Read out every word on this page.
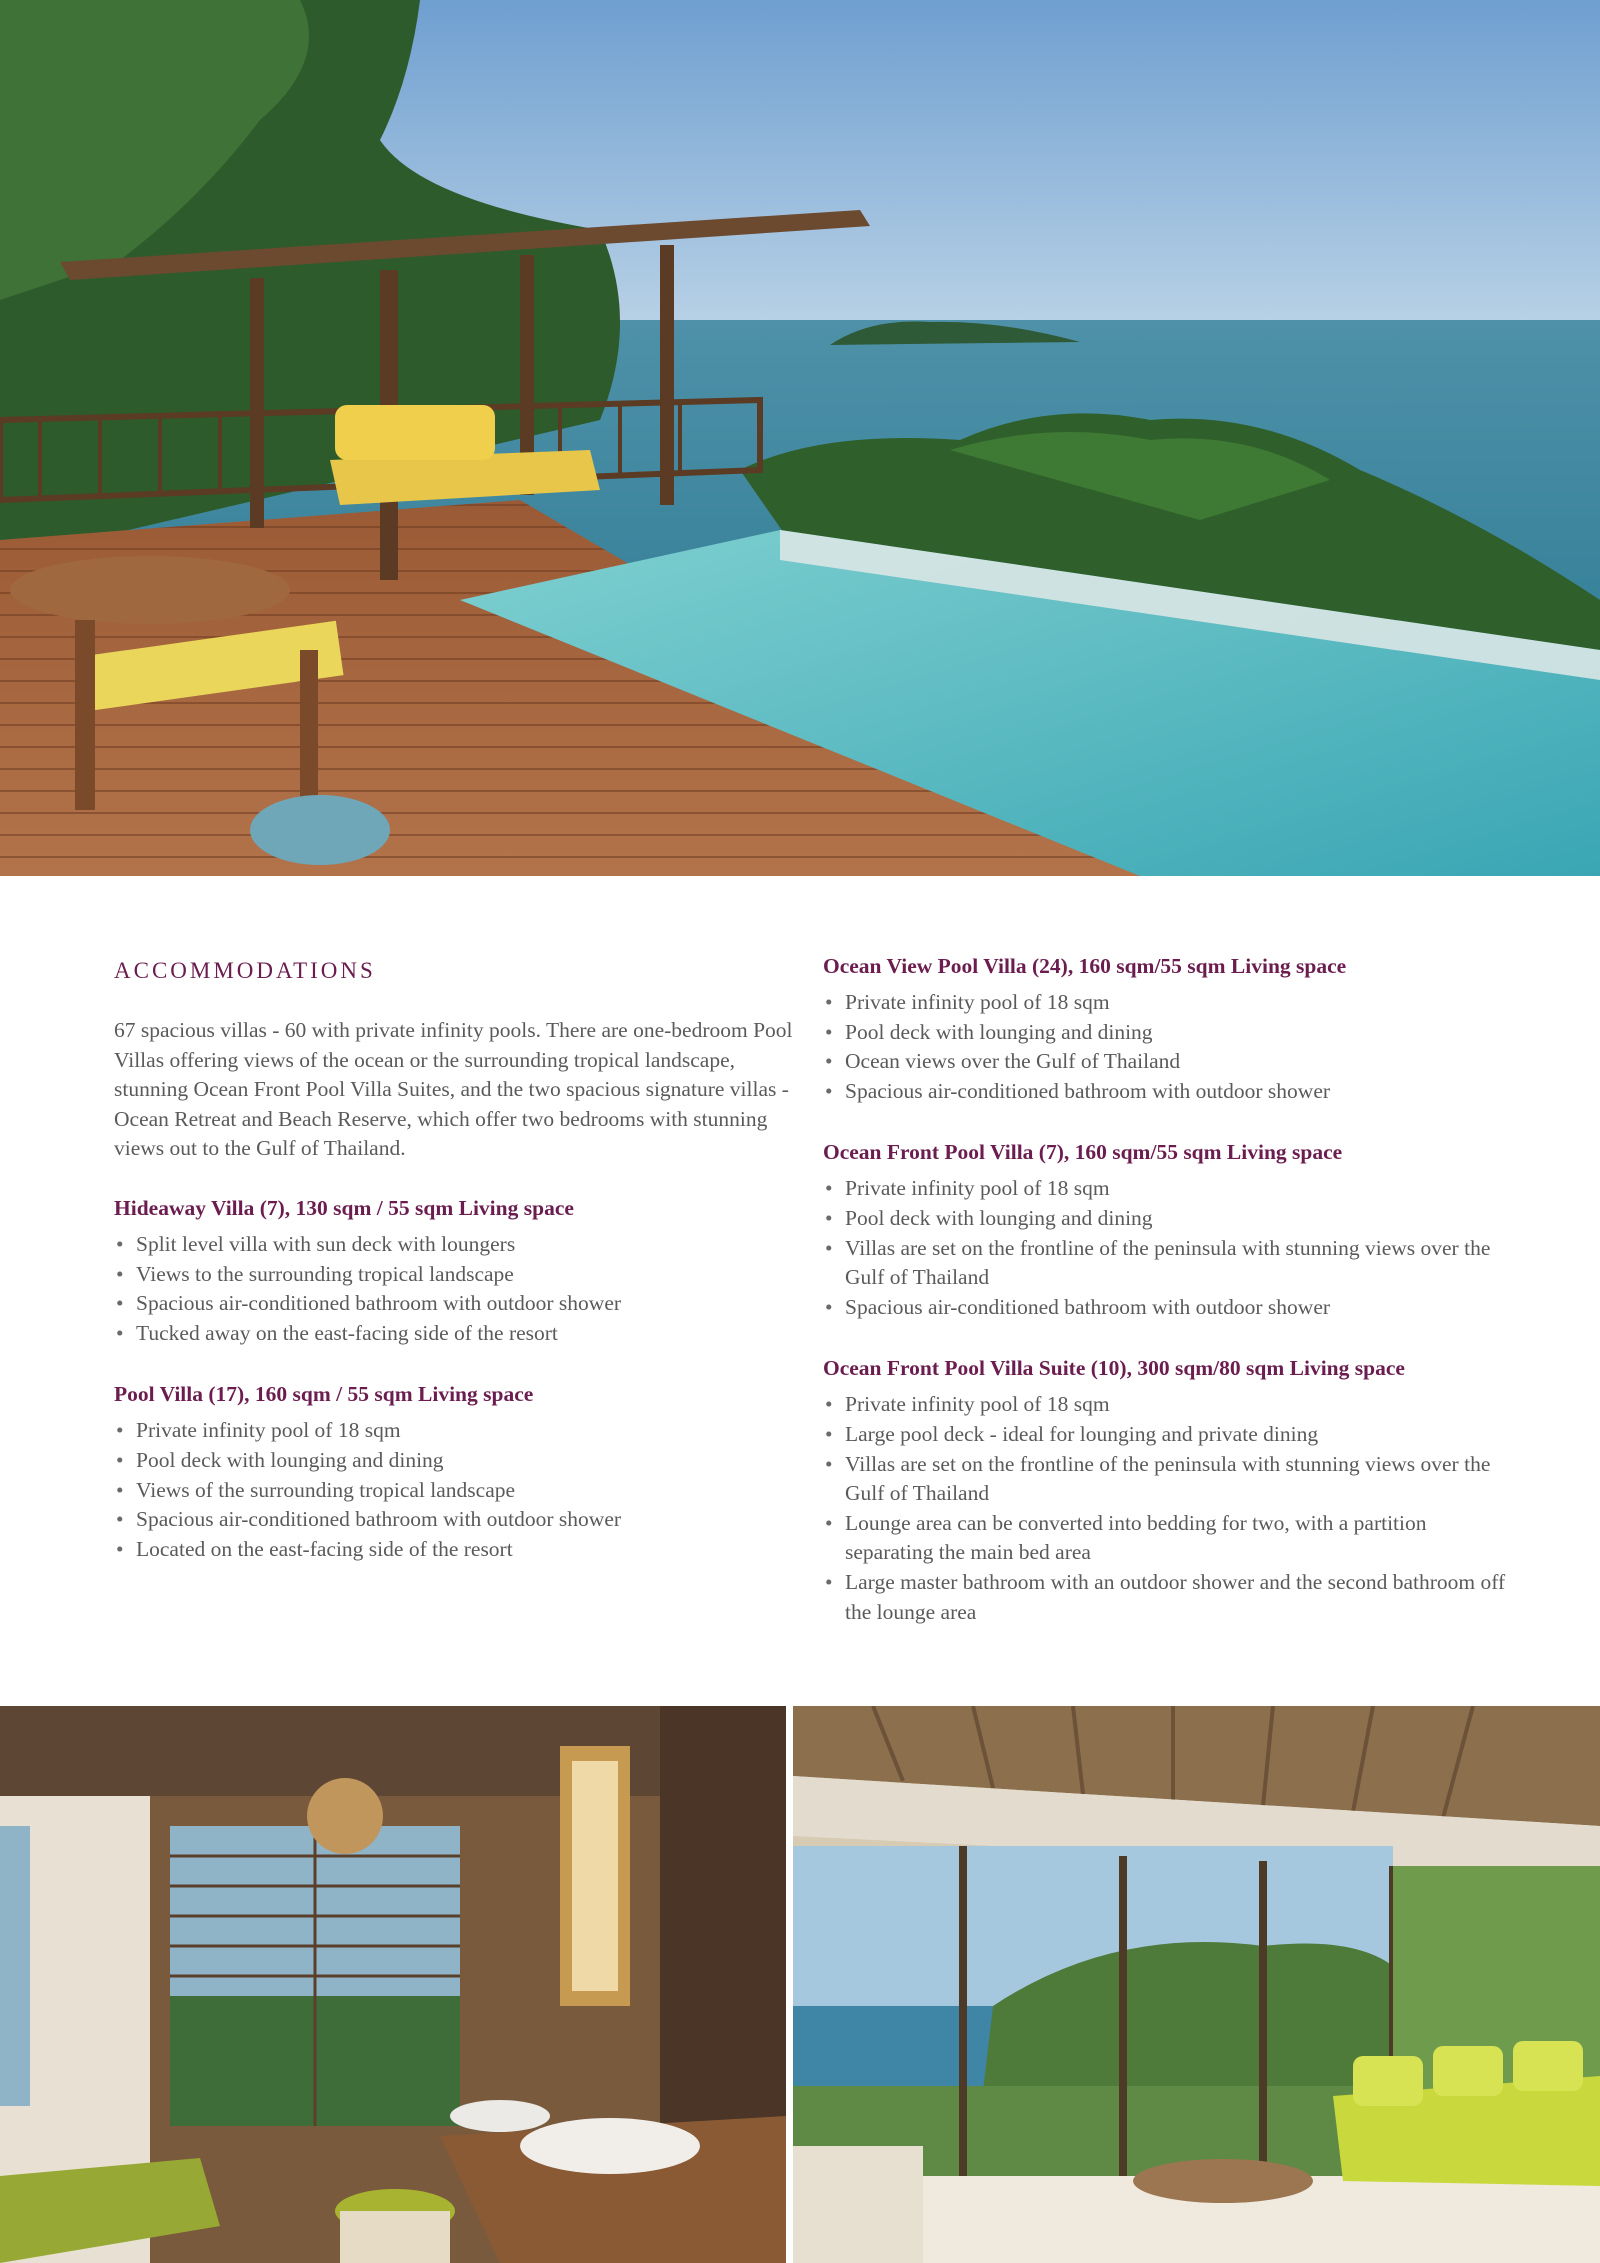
ACCOMMODATIONS

67 spacious villas - 60 with private infinity pools. There are one-bedroom Pool Villas offering views of the ocean or the surrounding tropical landscape, stunning Ocean Front Pool Villa Suites, and the two spacious signature villas - Ocean Retreat and Beach Reserve, which offer two bedrooms with stunning views out to the Gulf of Thailand.

Hideaway Villa (7), 130 sqm / 55 sqm Living space
• Split level villa with sun deck with loungers
• Views to the surrounding tropical landscape
• Spacious air-conditioned bathroom with outdoor shower
• Tucked away on the east-facing side of the resort
Pool Villa (17), 160 sqm / 55 sqm Living space
• Private infinity pool of 18 sqm
• Pool deck with lounging and dining
• Views of the surrounding tropical landscape
• Spacious air-conditioned bathroom with outdoor shower
• Located on the east-facing side of the resort
Ocean View Pool Villa (24), 160 sqm/55 sqm Living space
• Private infinity pool of 18 sqm
• Pool deck with lounging and dining
• Ocean views over the Gulf of Thailand
• Spacious air-conditioned bathroom with outdoor shower
Ocean Front Pool Villa (7), 160 sqm/55 sqm Living space
• Private infinity pool of 18 sqm
• Pool deck with lounging and dining
• Villas are set on the frontline of the peninsula with stunning views over the Gulf of Thailand
• Spacious air-conditioned bathroom with outdoor shower
Ocean Front Pool Villa Suite (10), 300 sqm/80 sqm Living space
• Private infinity pool of 18 sqm
• Large pool deck - ideal for lounging and private dining
• Villas are set on the frontline of the peninsula with stunning views over the Gulf of Thailand
• Lounge area can be converted into bedding for two, with a partition separating the main bed area
• Large master bathroom with an outdoor shower and the second bathroom off the lounge area
